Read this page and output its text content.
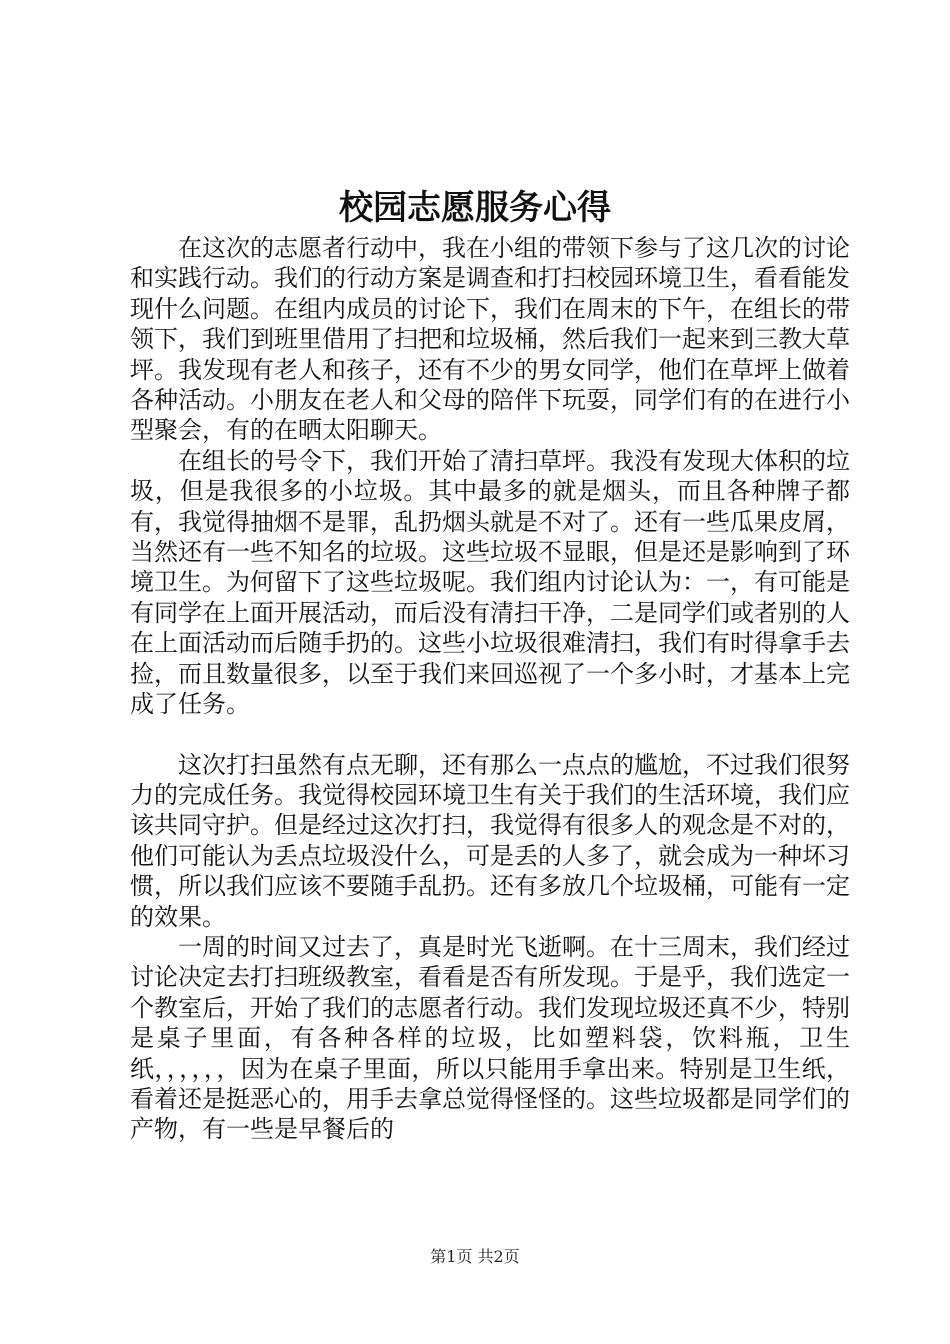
校园志愿服务心得

在这次的志愿者行动中，我在小组的带领下参与了这几次的讨论和实践行动。我们的行动方案是调查和打扫校园环境卫生，看看能发现什么问题。在组内成员的讨论下，我们在周末的下午，在组长的带领下，我们到班里借用了扫把和垃圾桶，然后我们一起来到三教大草坪。我发现有老人和孩子，还有不少的男女同学，他们在草坪上做着各种活动。小朋友在老人和父母的陪伴下玩耍，同学们有的在进行小型聚会，有的在晒太阳聊天。

在组长的号令下，我们开始了清扫草坪。我没有发现大体积的垃圾，但是我很多的小垃圾。其中最多的就是烟头，而且各种牌子都有，我觉得抽烟不是罪，乱扔烟头就是不对了。还有一些瓜果皮屑，当然还有一些不知名的垃圾。这些垃圾不显眼，但是还是影响到了环境卫生。为何留下了这些垃圾呢。我们组内讨论认为：一，有可能是有同学在上面开展活动，而后没有清扫干净，二是同学们或者别的人在上面活动而后随手扔的。这些小垃圾很难清扫，我们有时得拿手去捡，而且数量很多，以至于我们来回巡视了一个多小时，才基本上完成了任务。

这次打扫虽然有点无聊，还有那么一点点的尴尬，不过我们很努力的完成任务。我觉得校园环境卫生有关于我们的生活环境，我们应该共同守护。但是经过这次打扫，我觉得有很多人的观念是不对的，他们可能认为丢点垃圾没什么，可是丢的人多了，就会成为一种坏习惯，所以我们应该不要随手乱扔。还有多放几个垃圾桶，可能有一定的效果。

一周的时间又过去了，真是时光飞逝啊。在十三周末，我们经过讨论决定去打扫班级教室，看看是否有所发现。于是乎，我们选定一个教室后，开始了我们的志愿者行动。我们发现垃圾还真不少，特别是桌子里面，有各种各样的垃圾，比如塑料袋，饮料瓶，卫生纸，，，，，，因为在桌子里面，所以只能用手拿出来。特别是卫生纸，看着还是挺恶心的，用手去拿总觉得怪怪的。这些垃圾都是同学们的产物，有一些是早餐后的

第1页 共2页
